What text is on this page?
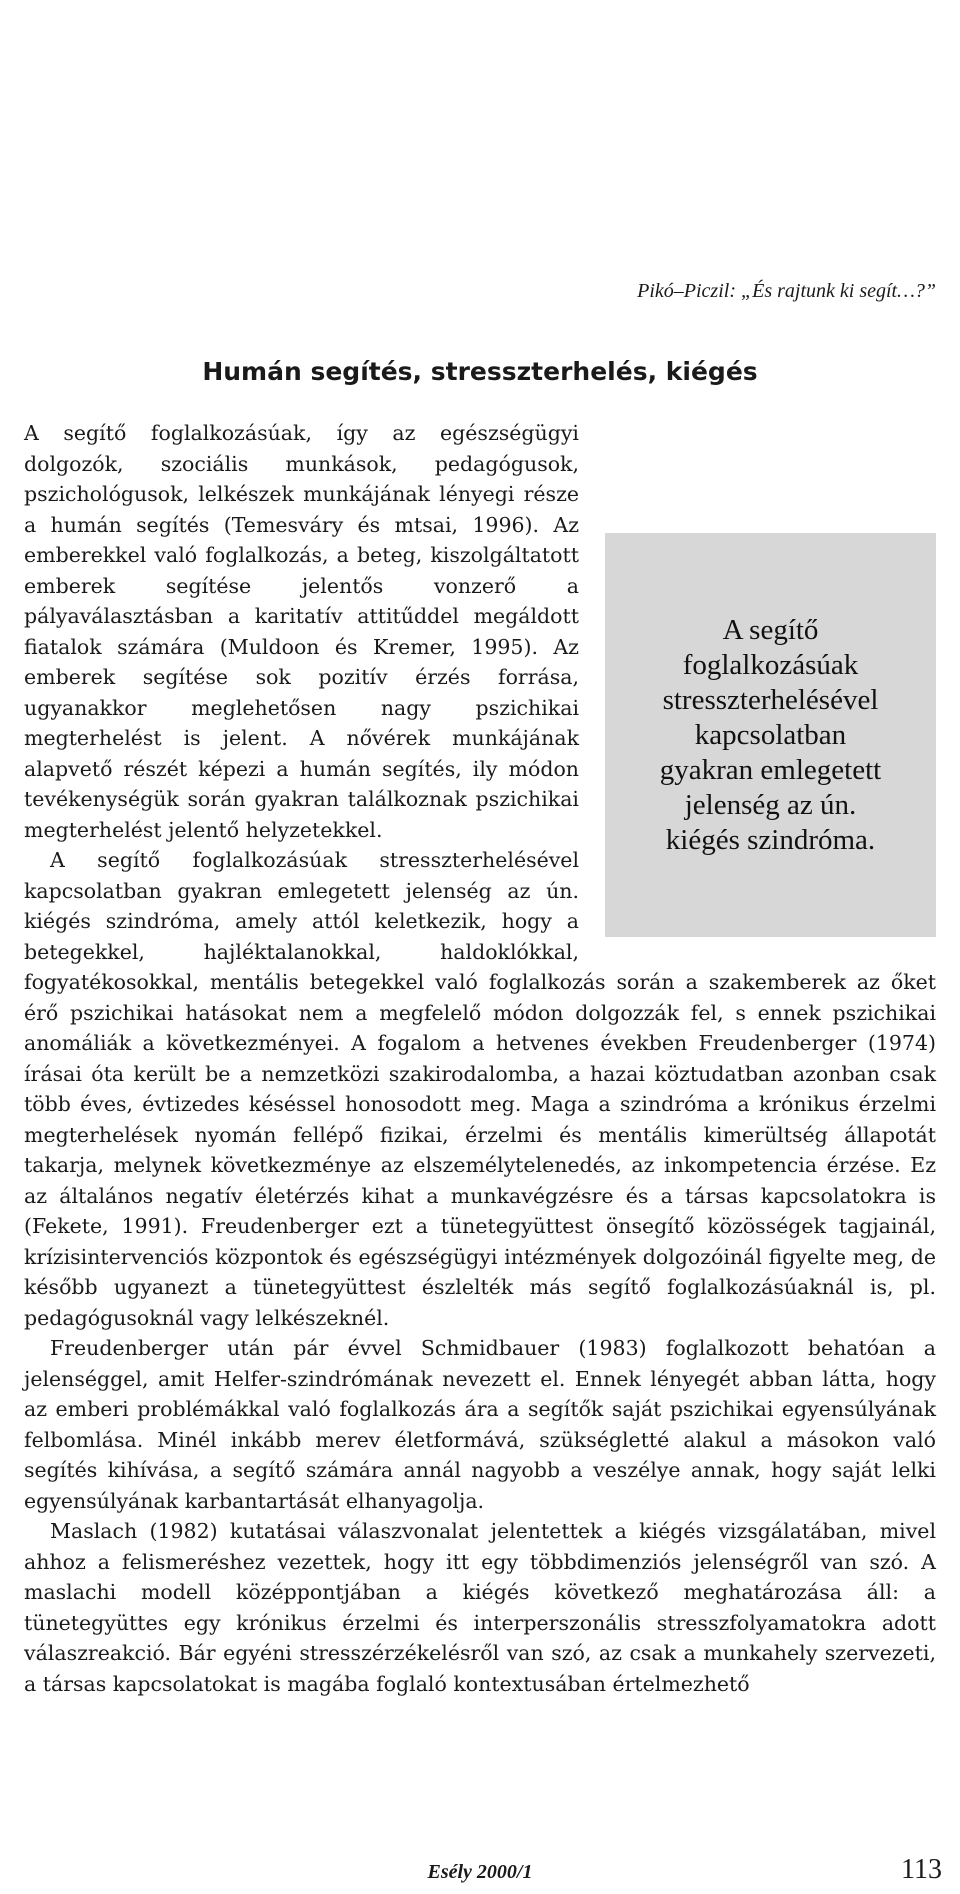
Pikó–Piczil: „És rajtunk ki segít…?”
Humán segítés, stresszterhelés, kiégés
A segítő foglalkozásúak stresszterhelésével kapcsolatban gyakran emlegetett jelenség az ún. kiégés szindróma.

A segítő foglalkozásúak, így az egészségügyi dolgozók, szociális munkások, pedagógusok, pszichológusok, lelkészek munkájának lényegi része a humán segítés (Temesváry és mtsai, 1996). Az emberekkel való foglalkozás, a beteg, kiszolgáltatott emberek segítése jelentős vonzerő a pályaválasztásban a karitatív attitűddel megáldott fiatalok számára (Muldoon és Kremer, 1995). Az emberek segítése sok pozitív érzés forrása, ugyanakkor meglehetősen nagy pszichikai megterhelést is jelent. A nővérek munkájának alapvető részét képezi a humán segítés, ily módon tevékenységük során gyakran találkoznak pszichikai megterhelést jelentő helyzetekkel.

A segítő foglalkozásúak stresszterhelésével kapcsolatban gyakran emlegetett jelenség az ún. kiégés szindróma, amely attól keletkezik, hogy a betegekkel, hajléktalanokkal, haldoklókkal, fogyatékosokkal, mentális betegekkel való foglalkozás során a szakemberek az őket érő pszichikai hatásokat nem a megfelelő módon dolgozzák fel, s ennek pszichikai anomáliák a következményei. A fogalom a hetvenes években Freudenberger (1974) írásai óta került be a nemzetközi szakirodalomba, a hazai köztudatban azonban csak több éves, évtizedes késéssel honosodott meg. Maga a szindróma a krónikus érzelmi megterhelések nyomán fellépő fizikai, érzelmi és mentális kimerültség állapotát takarja, melynek következménye az elszemélytelenedés, az inkompetencia érzése. Ez az általános negatív életérzés kihat a munkavégzésre és a társas kapcsolatokra is (Fekete, 1991). Freudenberger ezt a tünetegyüttest önsegítő közösségek tagjainál, krízisintervenciós központok és egészségügyi intézmények dolgozóinál figyelte meg, de később ugyanezt a tünetegyüttest észlelték más segítő foglalkozásúaknál is, pl. pedagógusoknál vagy lelkészeknél.

Freudenberger után pár évvel Schmidbauer (1983) foglalkozott behatóan a jelenséggel, amit Helfer-szindrómának nevezett el. Ennek lényegét abban látta, hogy az emberi problémákkal való foglalkozás ára a segítők saját pszichikai egyensúlyának felbomlása. Minél inkább merev életformává, szükségletté alakul a másokon való segítés kihívása, a segítő számára annál nagyobb a veszélye annak, hogy saját lelki egyensúlyának karbantartását elhanyagolja.

Maslach (1982) kutatásai válaszvonalat jelentettek a kiégés vizsgálatában, mivel ahhoz a felismeréshez vezettek, hogy itt egy többdimenziós jelenségről van szó. A maslachi modell középpontjában a kiégés következő meghatározása áll: a tünetegyüttes egy krónikus érzelmi és interperszonális stresszfolyamatokra adott válaszreakció. Bár egyéni stresszérzékelésről van szó, az csak a munkahely szervezeti, a társas kapcsolatokat is magába foglaló kontextusában értelmezhető

Esély 2000/1	113
